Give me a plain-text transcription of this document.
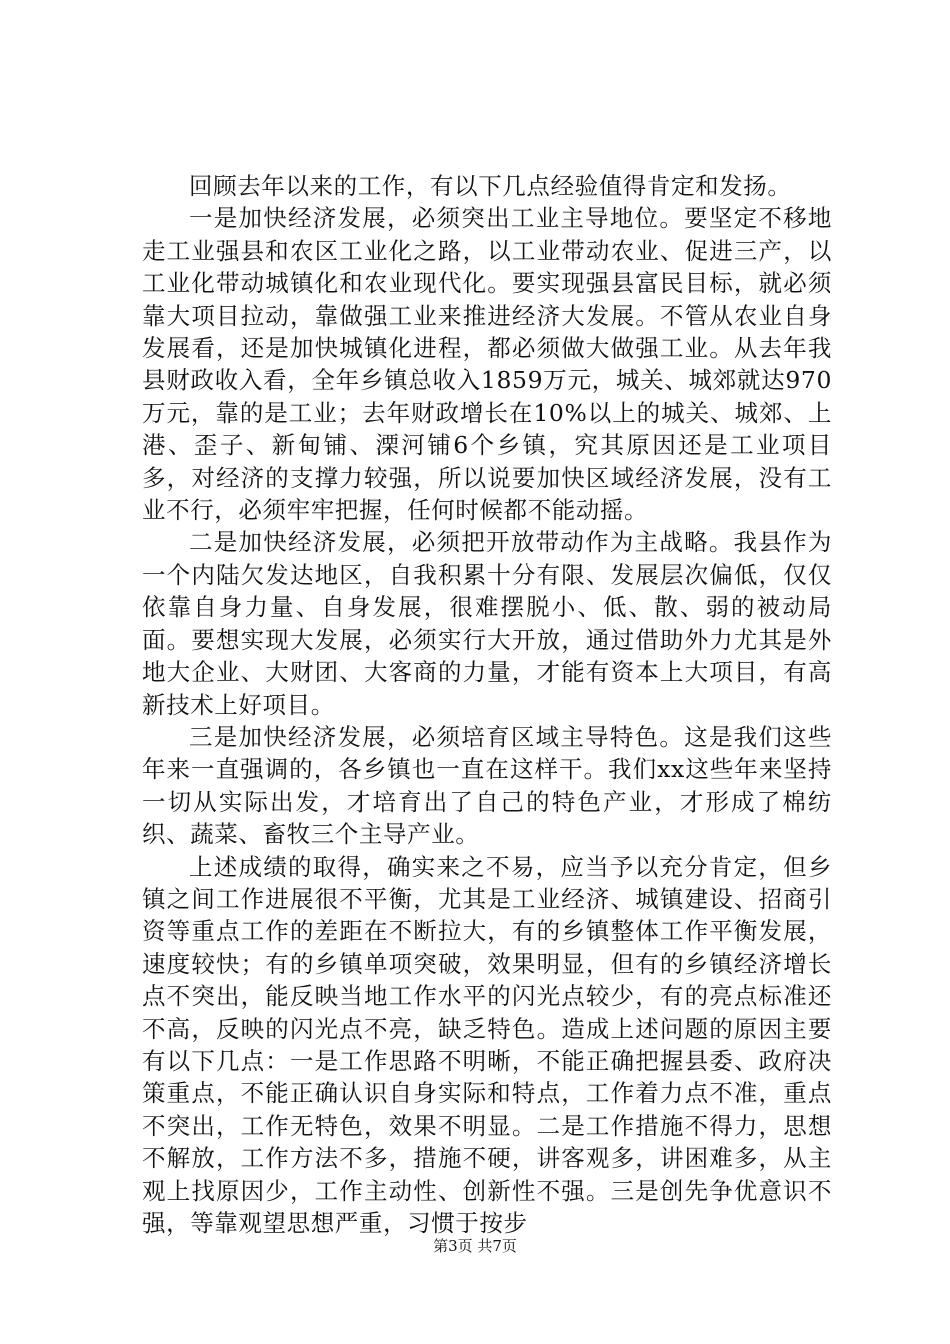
回顾去年以来的工作，有以下几点经验值得肯定和发扬。

一是加快经济发展，必须突出工业主导地位。要坚定不移地走工业强县和农区工业化之路，以工业带动农业、促进三产，以工业化带动城镇化和农业现代化。要实现强县富民目标，就必须靠大项目拉动，靠做强工业来推进经济大发展。不管从农业自身发展看，还是加快城镇化进程，都必须做大做强工业。从去年我县财政收入看，全年乡镇总收入1859万元，城关、城郊就达970万元，靠的是工业；去年财政增长在10%以上的城关、城郊、上港、歪子、新甸铺、溧河铺6个乡镇，究其原因还是工业项目多，对经济的支撑力较强，所以说要加快区域经济发展，没有工业不行，必须牢牢把握，任何时候都不能动摇。

二是加快经济发展，必须把开放带动作为主战略。我县作为一个内陆欠发达地区，自我积累十分有限、发展层次偏低，仅仅依靠自身力量、自身发展，很难摆脱小、低、散、弱的被动局面。要想实现大发展，必须实行大开放，通过借助外力尤其是外地大企业、大财团、大客商的力量，才能有资本上大项目，有高新技术上好项目。

三是加快经济发展，必须培育区域主导特色。这是我们这些年来一直强调的，各乡镇也一直在这样干。我们xx这些年来坚持一切从实际出发，才培育出了自己的特色产业，才形成了棉纺织、蔬菜、畜牧三个主导产业。

上述成绩的取得，确实来之不易，应当予以充分肯定，但乡镇之间工作进展很不平衡，尤其是工业经济、城镇建设、招商引资等重点工作的差距在不断拉大，有的乡镇整体工作平衡发展，速度较快；有的乡镇单项突破，效果明显，但有的乡镇经济增长点不突出，能反映当地工作水平的闪光点较少，有的亮点标准还不高，反映的闪光点不亮，缺乏特色。造成上述问题的原因主要有以下几点：一是工作思路不明晰，不能正确把握县委、政府决策重点，不能正确认识自身实际和特点，工作着力点不准，重点不突出，工作无特色，效果不明显。二是工作措施不得力，思想不解放，工作方法不多，措施不硬，讲客观多，讲困难多，从主观上找原因少，工作主动性、创新性不强。三是创先争优意识不强，等靠观望思想严重，习惯于按步

第3页 共7页
